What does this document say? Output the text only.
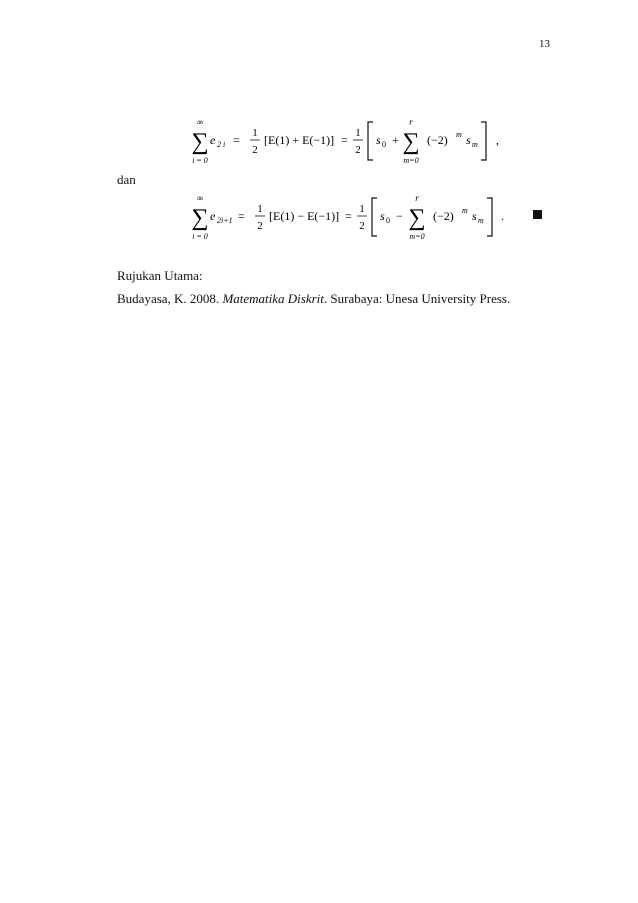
13
∞
∑
i = 0
e 2 i = 1
2
[E(1) + E(−1)] = 1
2
s 0 +
r
∑
m=0
(−2) m s m ,
dan
∞
∑
i = 0
e 2i+1 = 1
2
[E(1) − E(−1)] = 1
2
s 0 −
r
∑
m=0
(−2) m s m .
Rujukan Utama:
Budayasa, K. 2008. Matematika Diskrit. Surabaya: Unesa University Press.
